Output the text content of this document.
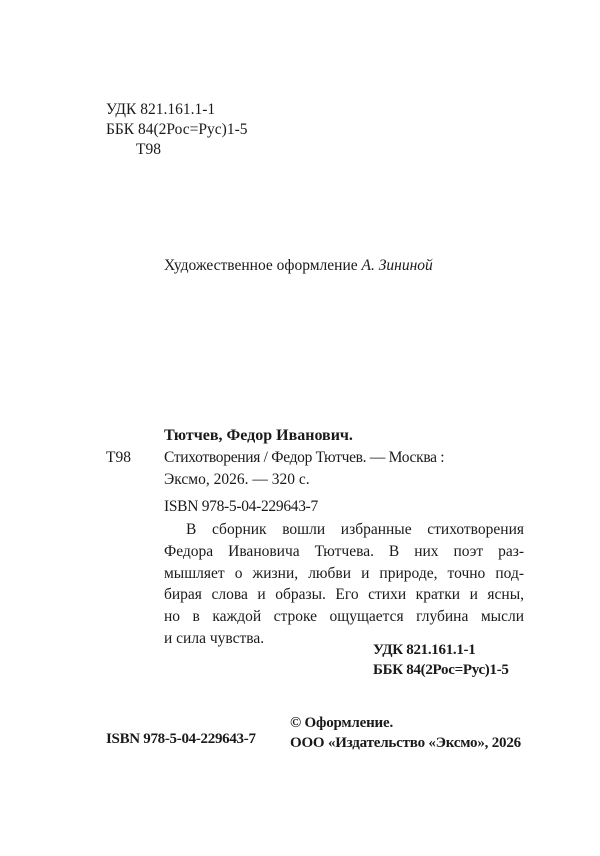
УДК 821.161.1-1
ББК 84(2Рос=Рус)1-5
Т98
Художественное оформление А. Зининой
Тютчев, Федор Иванович.
Т98 Стихотворения / Федор Тютчев. — Москва :
Эксмо, 2026. — 320 с.
ISBN 978-5-04-229643-7
В сборник вошли избранные стихотворения
Федора Ивановича Тютчева. В них поэт раз-
мышляет о жизни, любви и природе, точно под-
бирая слова и образы. Его стихи кратки и ясны,
но в каждой строке ощущается глубина мысли
и сила чувства.
УДК 821.161.1-1
ББК 84(2Рос=Рус)1-5
ISBN 978-5-04-229643-7
© Оформление.
ООО «Издательство «Эксмо», 2026
